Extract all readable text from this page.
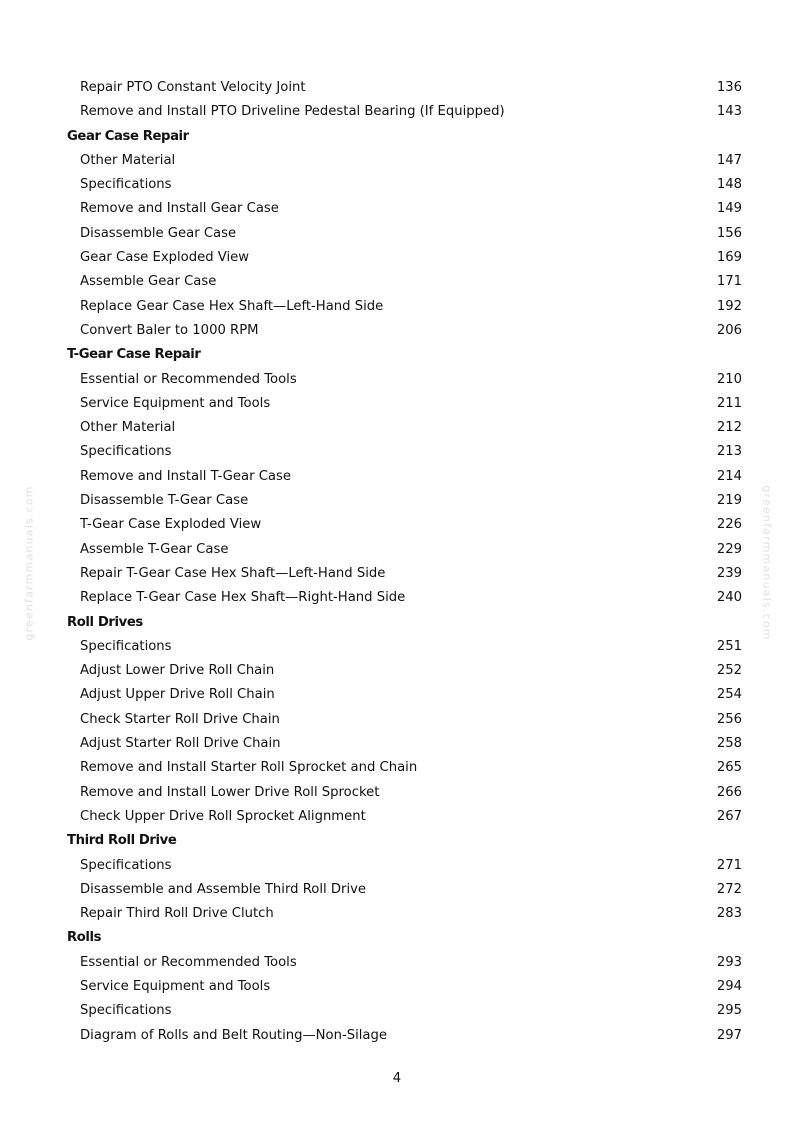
Repair PTO Constant Velocity Joint	136
Remove and Install PTO Driveline Pedestal Bearing (If Equipped)	143
Gear Case Repair
Other Material	147
Specifications	148
Remove and Install Gear Case	149
Disassemble Gear Case	156
Gear Case Exploded View	169
Assemble Gear Case	171
Replace Gear Case Hex Shaft—Left-Hand Side	192
Convert Baler to 1000 RPM	206
T-Gear Case Repair
Essential or Recommended Tools	210
Service Equipment and Tools	211
Other Material	212
Specifications	213
Remove and Install T-Gear Case	214
Disassemble T-Gear Case	219
T-Gear Case Exploded View	226
Assemble T-Gear Case	229
Repair T-Gear Case Hex Shaft—Left-Hand Side	239
Replace T-Gear Case Hex Shaft—Right-Hand Side	240
Roll Drives
Specifications	251
Adjust Lower Drive Roll Chain	252
Adjust Upper Drive Roll Chain	254
Check Starter Roll Drive Chain	256
Adjust Starter Roll Drive Chain	258
Remove and Install Starter Roll Sprocket and Chain	265
Remove and Install Lower Drive Roll Sprocket	266
Check Upper Drive Roll Sprocket Alignment	267
Third Roll Drive
Specifications	271
Disassemble and Assemble Third Roll Drive	272
Repair Third Roll Drive Clutch	283
Rolls
Essential or Recommended Tools	293
Service Equipment and Tools	294
Specifications	295
Diagram of Rolls and Belt Routing—Non-Silage	297
greenfarmmanuals.com	greenfarmmanuals.com
4
